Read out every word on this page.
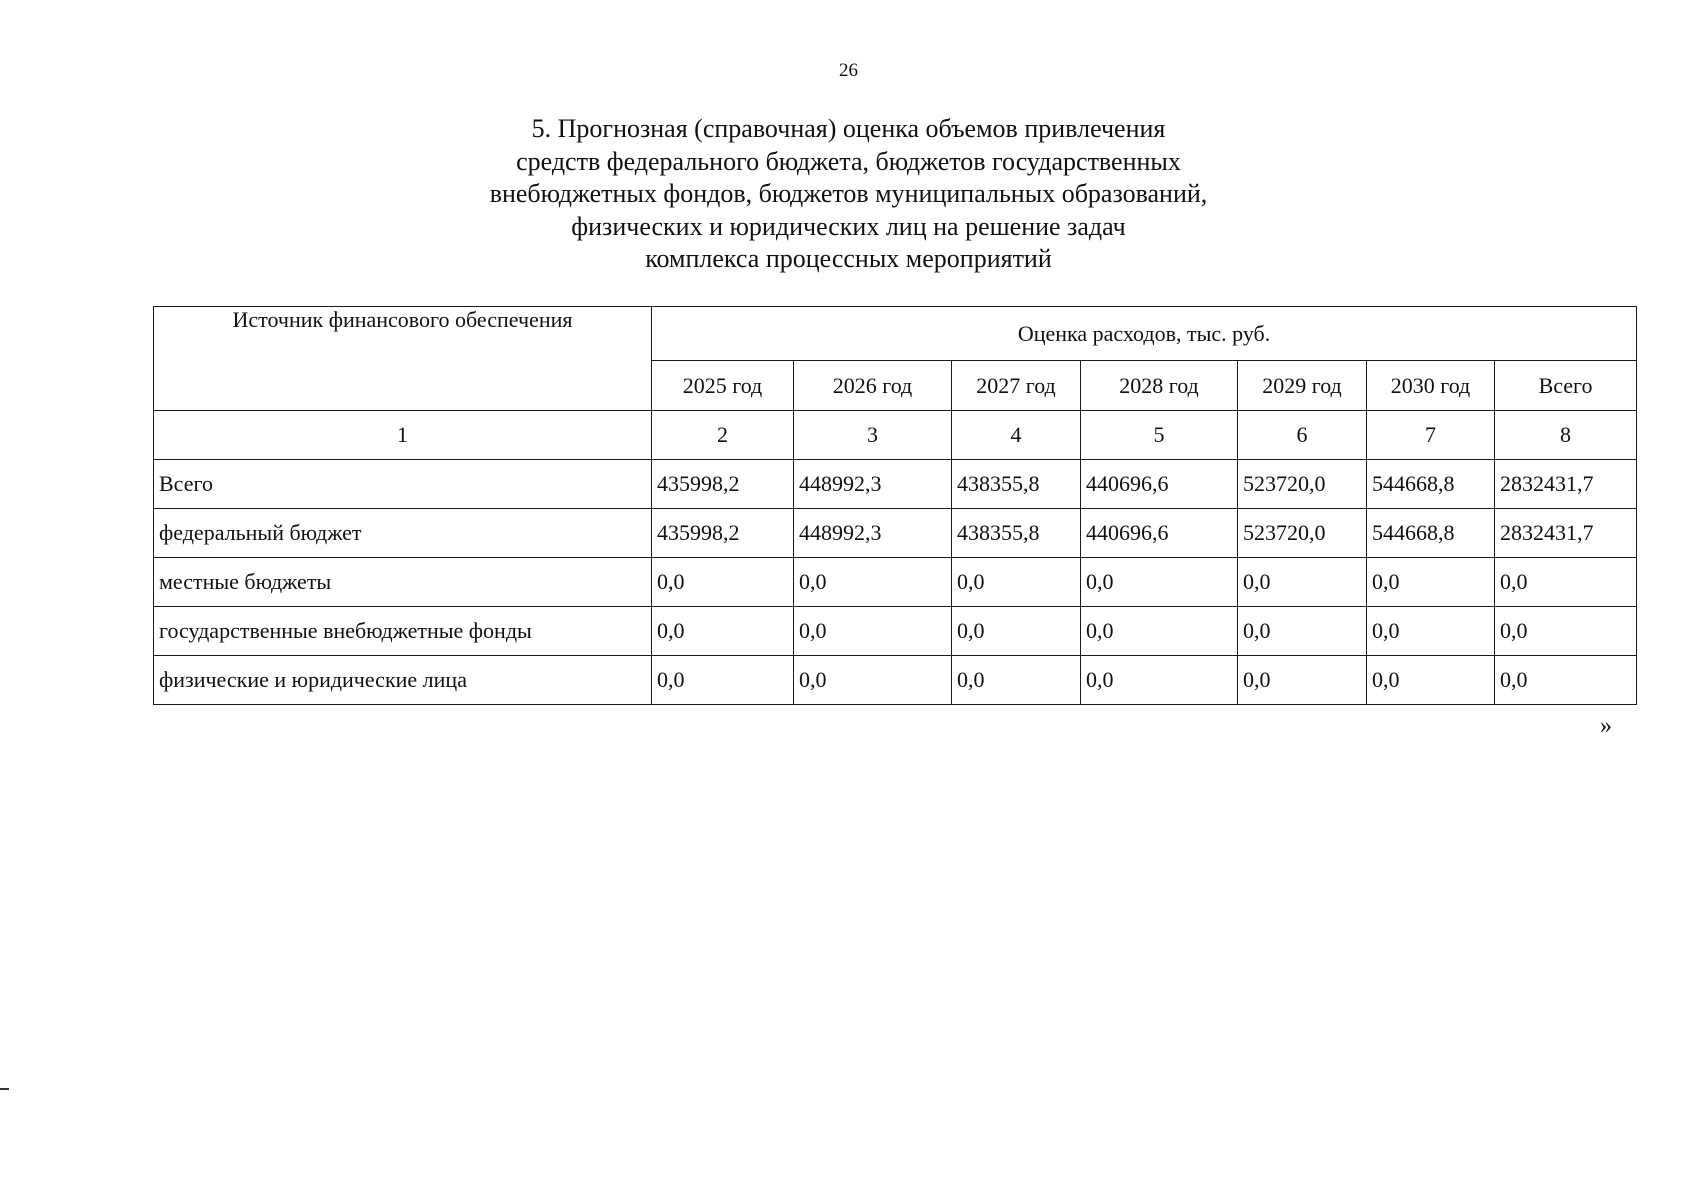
26
5. Прогнозная (справочная) оценка объемов привлечения
средств федерального бюджета, бюджетов государственных
внебюджетных фондов, бюджетов муниципальных образований,
физических и юридических лиц на решение задач
комплекса процессных мероприятий
Источник финансового обеспечения	Оценка расходов, тыс. руб.						
	2025 год	2026 год	2027 год	2028 год	2029 год	2030 год	Всего
1	2	3	4	5	6	7	8
Всего	435998,2	448992,3	438355,8	440696,6	523720,0	544668,8	2832431,7
федеральный бюджет	435998,2	448992,3	438355,8	440696,6	523720,0	544668,8	2832431,7
местные бюджеты	0,0	0,0	0,0	0,0	0,0	0,0	0,0
государственные внебюджетные фонды	0,0	0,0	0,0	0,0	0,0	0,0	0,0
физические и юридические лица	0,0	0,0	0,0	0,0	0,0	0,0	0,0
»
